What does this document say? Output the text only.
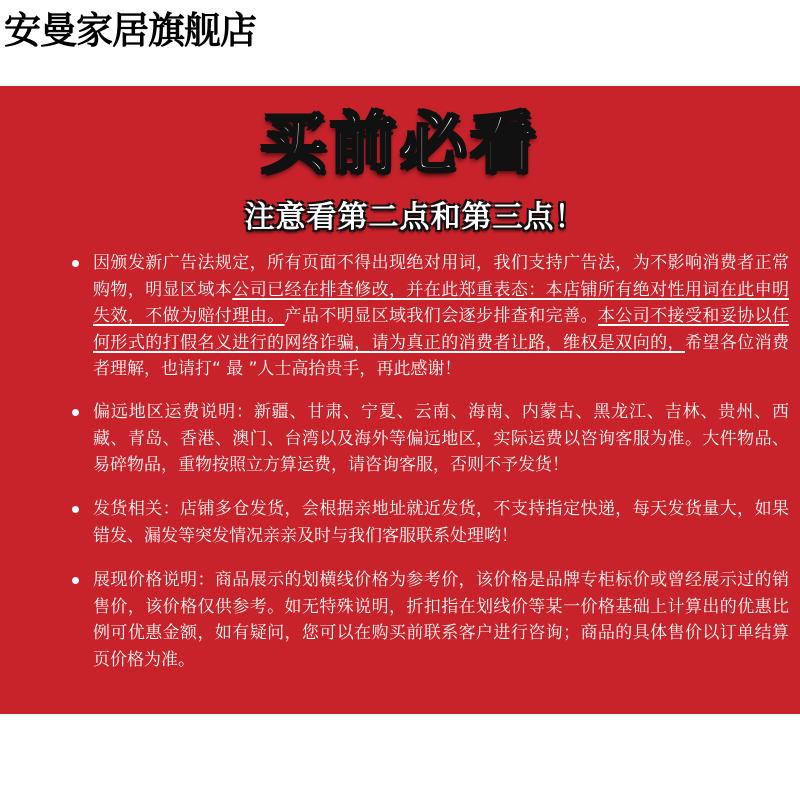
安曼家居旗舰店
买前必看
注意看第二点和第三点！
因颁发新广告法规定，所有页面不得出现绝对用词，我们支持广告法，为不影响消费者正常购物，明显区域本公司已经在排查修改，并在此郑重表态：本店铺所有绝对性用词在此申明失效，不做为赔付理由。产品不明显区域我们会逐步排查和完善。本公司不接受和妥协以任何形式的打假名义进行的网络诈骗，请为真正的消费者让路，维权是双向的，希望各位消费者理解，也请打“ 最 ”人士高抬贵手，再此感谢！
偏远地区运费说明：新疆、甘肃、宁夏、云南、海南、内蒙古、黑龙江、吉林、贵州、西藏、青岛、香港、澳门、台湾以及海外等偏远地区，实际运费以咨询客服为准。大件物品、易碎物品，重物按照立方算运费，请咨询客服，否则不予发货！
发货相关：店铺多仓发货，会根据亲地址就近发货，不支持指定快递，每天发货量大，如果错发、漏发等突发情况亲亲及时与我们客服联系处理哟！
展现价格说明：商品展示的划横线价格为参考价，该价格是品牌专柜标价或曾经展示过的销售价，该价格仅供参考。如无特殊说明，折扣指在划线价等某一价格基础上计算出的优惠比例可优惠金额，如有疑问，您可以在购买前联系客户进行咨询；商品的具体售价以订单结算页价格为准。
